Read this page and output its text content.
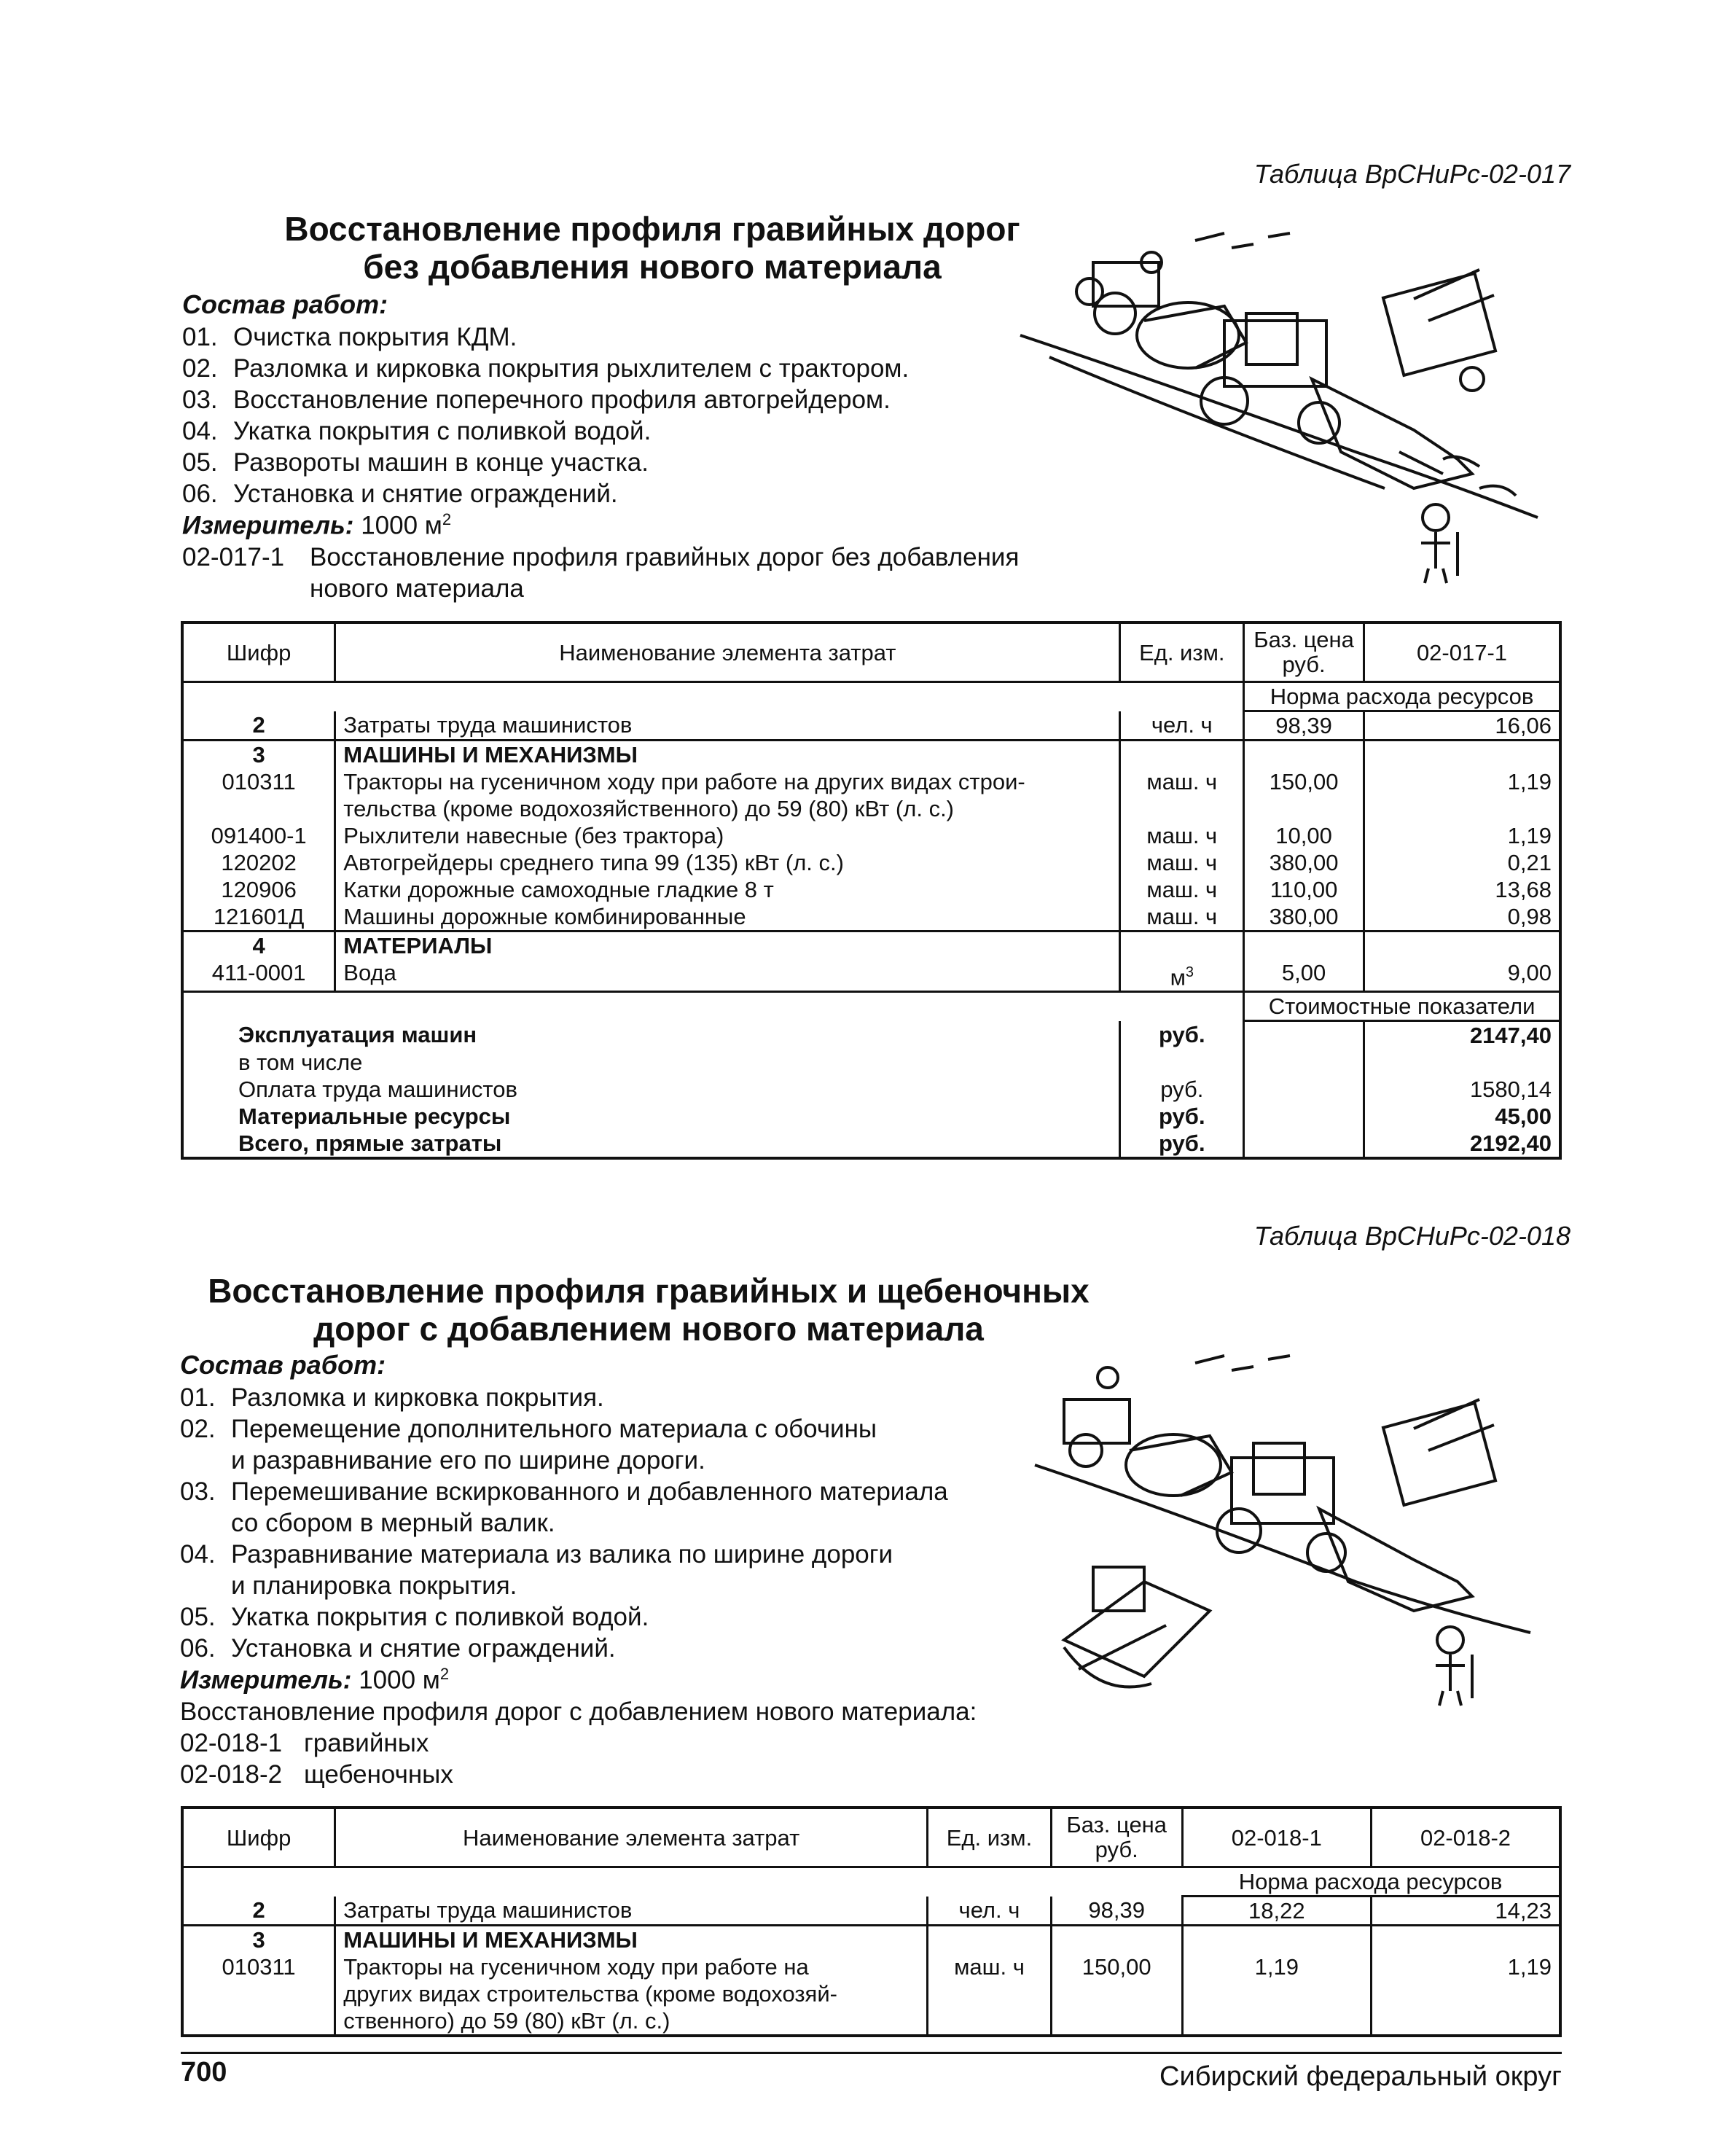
Таблица ВрСНиРс-02-017
Восстановление профиля гравийных дорог
без добавления нового материала
Состав работ:
01. Очистка покрытия КДМ.
02. Разломка и кирковка покрытия рыхлителем с трактором.
03. Восстановление поперечного профиля автогрейдером.
04. Укатка покрытия с поливкой водой.
05. Развороты машин в конце участка.
06. Установка и снятие ограждений.
Измеритель: 1000 $м^2$
02-017-1 Восстановление профиля гравийных дорог без добавления
нового материала
Шифр	Наименование элемента затрат	Ед. изм.	Баз. цена руб.	02-017-1
			Норма расхода ресурсов	
2	Затраты труда машинистов	чел. ч	98,39	16,06
3	МАШИНЫ И МЕХАНИЗМЫ			
010311	Тракторы на гусеничном ходу при работе на других видах строи-
тельства (кроме водохозяйственного) до 59 (80) кВт (л. с.)	маш. ч	150,00	1,19
091400-1	Рыхлители навесные (без трактора)	маш. ч	10,00	1,19
120202	Автогрейдеры среднего типа 99 (135) кВт (л. с.)	маш. ч	380,00	0,21
120906	Катки дорожные самоходные гладкие 8 т	маш. ч	110,00	13,68
121601Д	Машины дорожные комбинированные	маш. ч	380,00	0,98
4	МАТЕРИАЛЫ			
411-0001	Вода	$м^3$	5,00	9,00
			Стоимостные показатели	
Эксплуатация машин		руб.		2147,40
в том числе				
Оплата труда машинистов		руб.		1580,14
Материальные ресурсы		руб.		45,00
Всего, прямые затраты		руб.		2192,40
Таблица ВрСНиРс-02-018
Восстановление профиля гравийных и щебеночных
дорог с добавлением нового материала
Состав работ:
01. Разломка и кирковка покрытия.
02. Перемещение дополнительного материала с обочины
и разравнивание его по ширине дороги.
03. Перемешивание вскиркованного и добавленного материала
со сбором в мерный валик.
04. Разравнивание материала из валика по ширине дороги
и планировка покрытия.
05. Укатка покрытия с поливкой водой.
06. Установка и снятие ограждений.
Измеритель: 1000 $м^2$
Восстановление профиля дорог с добавлением нового материала:
02-018-1 гравийных
02-018-2 щебеночных
Шифр	Наименование элемента затрат	Ед. изм.	Баз. цена руб.	02-018-1	02-018-2
				Норма расхода ресурсов	
2	Затраты труда машинистов	чел. ч	98,39	18,22	14,23
3	МАШИНЫ И МЕХАНИЗМЫ				
010311	Тракторы на гусеничном ходу при работе на
других видах строительства (кроме водохозяй-
ственного) до 59 (80) кВт (л. с.)	маш. ч	150,00	1,19	1,19
700	Сибирский федеральный округ
